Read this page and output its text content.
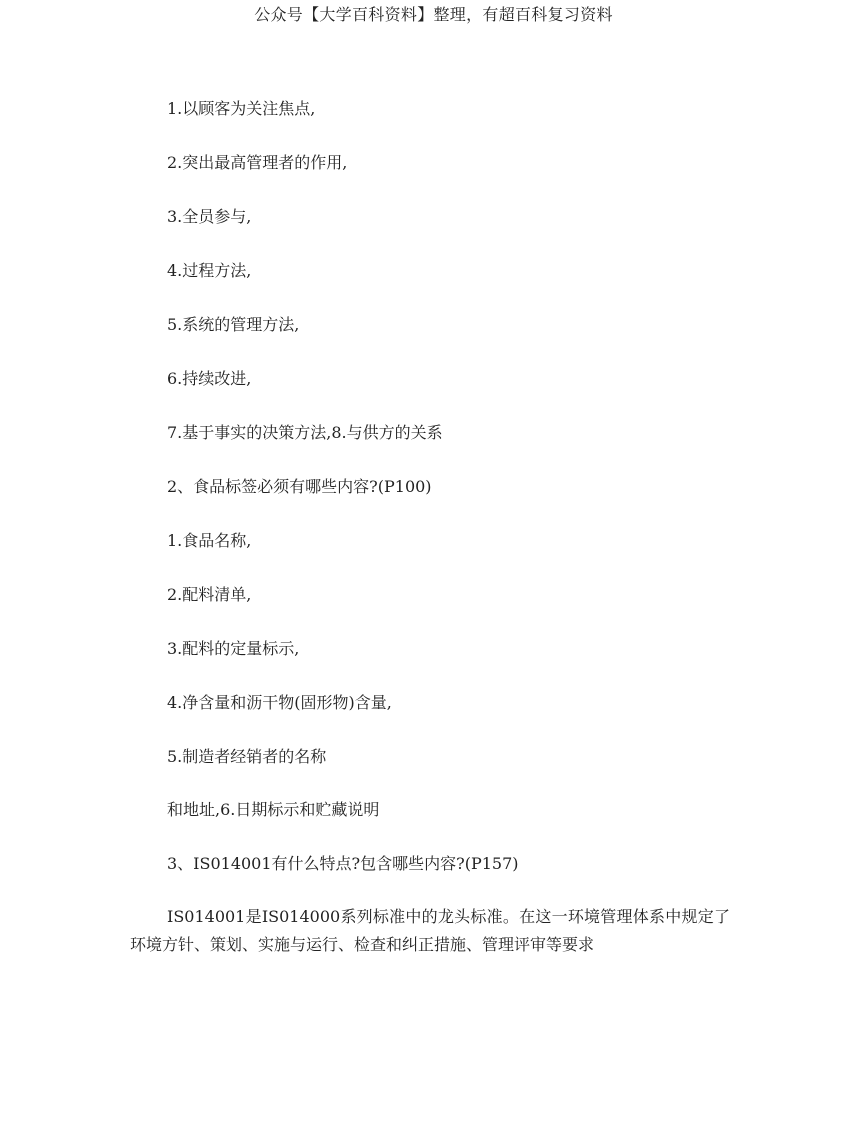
公众号【大学百科资料】整理，有超百科复习资料
1.以顾客为关注焦点,
2.突出最高管理者的作用,
3.全员参与,
4.过程方法,
5.系统的管理方法,
6.持续改进,
7.基于事实的决策方法,8.与供方的关系
2、食品标签必须有哪些内容?(P100)
1.食品名称,
2.配料清单,
3.配料的定量标示,
4.净含量和沥干物(固形物)含量,
5.制造者经销者的名称
和地址,6.日期标示和贮藏说明
3、IS014001有什么特点?包含哪些内容?(P157)
IS014001是IS014000系列标准中的龙头标准。在这一环境管理体系中规定了环境方针、策划、实施与运行、检查和纠正措施、管理评审等要求
